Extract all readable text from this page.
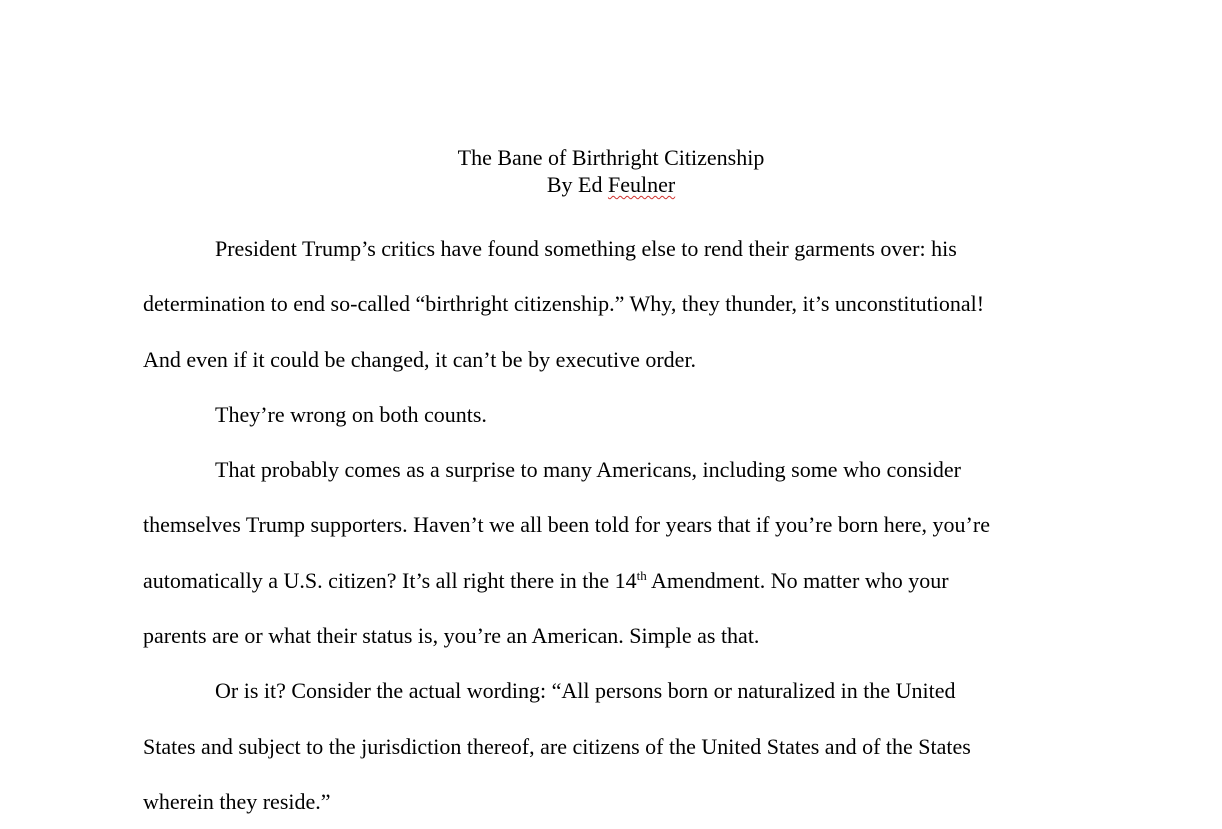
The Bane of Birthright Citizenship
By Ed Feulner

President Trump’s critics have found something else to rend their garments over: his
determination to end so-called “birthright citizenship.” Why, they thunder, it’s unconstitutional!
And even if it could be changed, it can’t be by executive order.

They’re wrong on both counts.

That probably comes as a surprise to many Americans, including some who consider
themselves Trump supporters. Haven’t we all been told for years that if you’re born here, you’re
automatically a U.S. citizen? It’s all right there in the 14th Amendment. No matter who your
parents are or what their status is, you’re an American. Simple as that.

Or is it? Consider the actual wording: “All persons born or naturalized in the United
States and subject to the jurisdiction thereof, are citizens of the United States and of the States
wherein they reside.”
